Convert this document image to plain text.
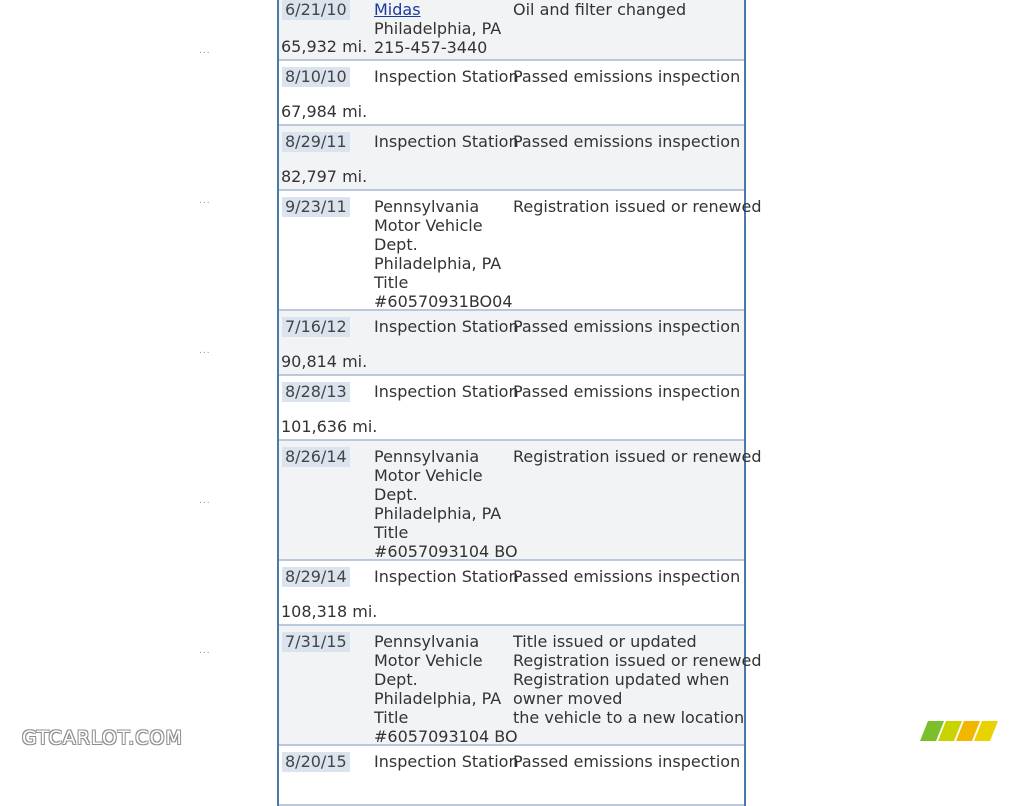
6/21/10
65,932 mi.
Midas
Philadelphia, PA
215-457-3440
Oil and filter changed
8/10/10
67,984 mi.
Inspection Station
Passed emissions inspection
8/29/11
82,797 mi.
Inspection Station
Passed emissions inspection
9/23/11 Pennsylvania
Motor Vehicle
Dept.
Philadelphia, PA
Title
#60570931BO04
Registration issued or renewed
7/16/12
90,814 mi.
Inspection Station
Passed emissions inspection
8/28/13
101,636 mi.
Inspection Station
Passed emissions inspection
8/26/14 Pennsylvania
Motor Vehicle
Dept.
Philadelphia, PA
Title
#6057093104 BO
Registration issued or renewed
8/29/14
108,318 mi.
Inspection Station
Passed emissions inspection
7/31/15 Pennsylvania
Motor Vehicle
Dept.
Philadelphia, PA
Title
#6057093104 BO
Title issued or updated
Registration issued or renewed
Registration updated when
owner moved
the vehicle to a new location
8/20/15 Inspection Station
Passed emissions inspection
...
...
...
...
...
GTCARLOT.COM
